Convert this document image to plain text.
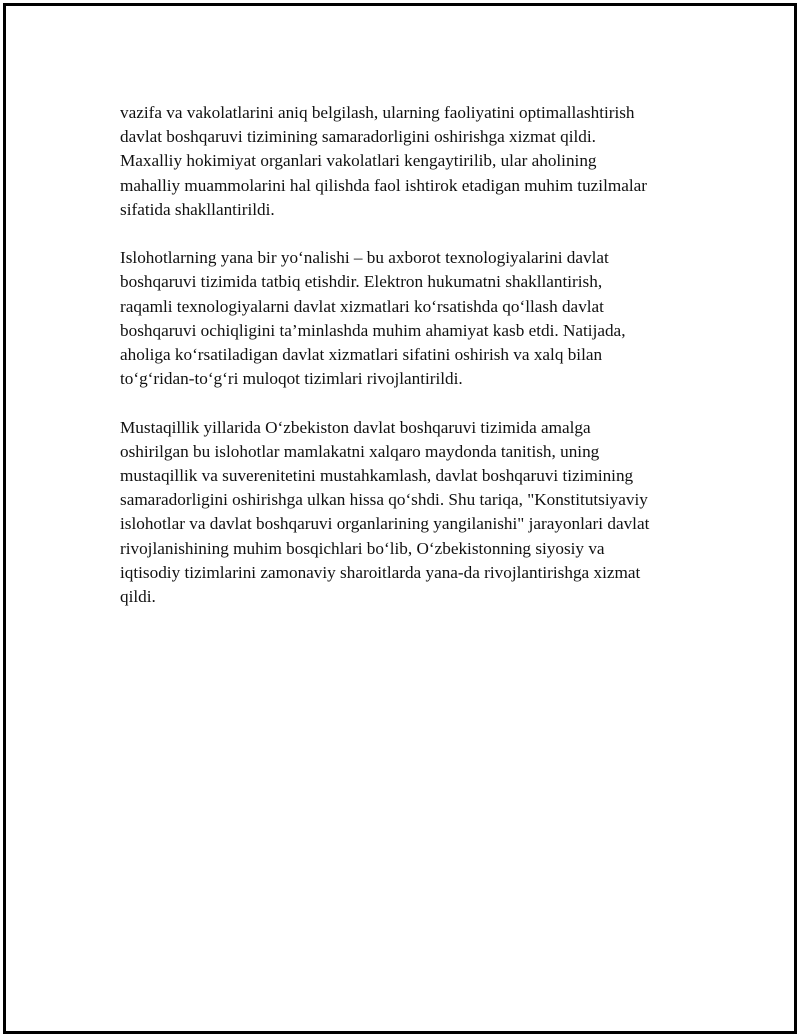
vazifa va vakolatlarini aniq belgilash, ularning faoliyatini optimallashtirish
davlat boshqaruvi tizimining samaradorligini oshirishga xizmat qildi.
Maxalliy hokimiyat organlari vakolatlari kengaytirilib, ular aholining
mahalliy muammolarini hal qilishda faol ishtirok etadigan muhim tuzilmalar
sifatida shakllantirildi.

Islohotlarning yana bir yo‘nalishi – bu axborot texnologiyalarini davlat
boshqaruvi tizimida tatbiq etishdir. Elektron hukumatni shakllantirish,
raqamli texnologiyalarni davlat xizmatlari ko‘rsatishda qo‘llash davlat
boshqaruvi ochiqligini ta’minlashda muhim ahamiyat kasb etdi. Natijada,
aholiga ko‘rsatiladigan davlat xizmatlari sifatini oshirish va xalq bilan
to‘g‘ridan-to‘g‘ri muloqot tizimlari rivojlantirildi.

Mustaqillik yillarida O‘zbekiston davlat boshqaruvi tizimida amalga
oshirilgan bu islohotlar mamlakatni xalqaro maydonda tanitish, uning
mustaqillik va suverenitetini mustahkamlash, davlat boshqaruvi tizimining
samaradorligini oshirishga ulkan hissa qo‘shdi. Shu tariqa, "Konstitutsiyaviy
islohotlar va davlat boshqaruvi organlarining yangilanishi" jarayonlari davlat
rivojlanishining muhim bosqichlari bo‘lib, O‘zbekistonning siyosiy va
iqtisodiy tizimlarini zamonaviy sharoitlarda yana-da rivojlantirishga xizmat
qildi.
